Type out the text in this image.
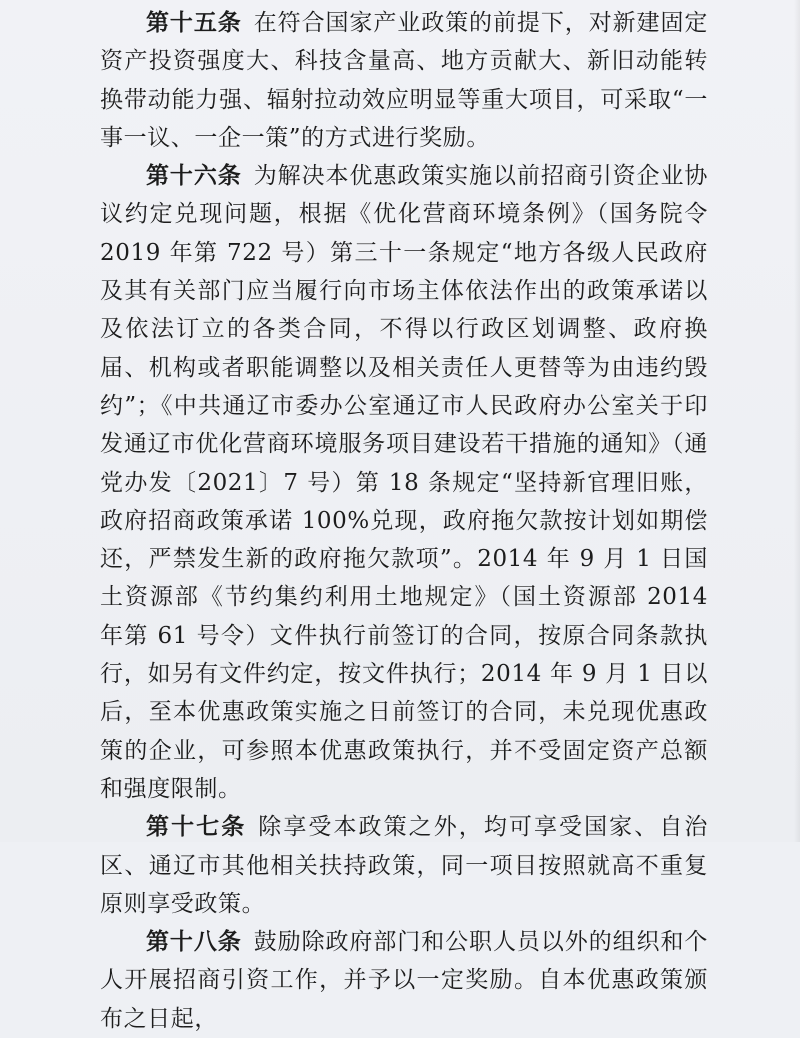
第十五条 在符合国家产业政策的前提下，对新建固定资产投资强度大、科技含量高、地方贡献大、新旧动能转换带动能力强、辐射拉动效应明显等重大项目，可采取“一事一议、一企一策”的方式进行奖励。

第十六条 为解决本优惠政策实施以前招商引资企业协议约定兑现问题，根据《优化营商环境条例》（国务院令 2019 年第 722 号）第三十一条规定“地方各级人民政府及其有关部门应当履行向市场主体依法作出的政策承诺以及依法订立的各类合同，不得以行政区划调整、政府换届、机构或者职能调整以及相关责任人更替等为由违约毁约”；《中共通辽市委办公室通辽市人民政府办公室关于印发通辽市优化营商环境服务项目建设若干措施的通知》（通党办发〔2021〕7 号）第 18 条规定“坚持新官理旧账，政府招商政策承诺 100%兑现，政府拖欠款按计划如期偿还，严禁发生新的政府拖欠款项”。2014 年 9 月 1 日国土资源部《节约集约利用土地规定》（国土资源部 2014 年第 61 号令）文件执行前签订的合同，按原合同条款执行，如另有文件约定，按文件执行；2014 年 9 月 1 日以后，至本优惠政策实施之日前签订的合同，未兑现优惠政策的企业，可参照本优惠政策执行，并不受固定资产总额和强度限制。

第十七条 除享受本政策之外，均可享受国家、自治区、通辽市其他相关扶持政策，同一项目按照就高不重复原则享受政策。

第十八条 鼓励除政府部门和公职人员以外的组织和个人开展招商引资工作，并予以一定奖励。自本优惠政策颁布之日起，
